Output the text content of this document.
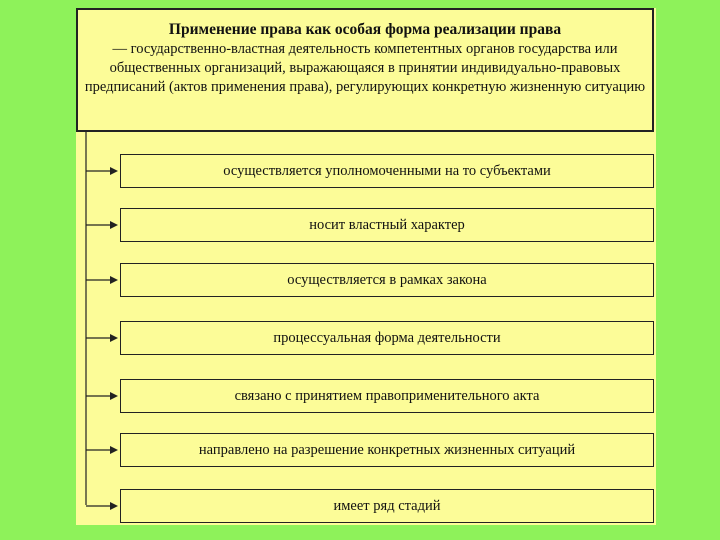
Применение права как особая форма реализации права
— государственно-властная деятельность компетентных органов государства или общественных организаций, выражающаяся в принятии индивидуально-правовых предписаний (актов применения права), регулирующих конкретную жизненную ситуацию
осуществляется уполномоченными на то субъектами
носит властный характер
осуществляется в рамках закона
процессуальная форма деятельности
связано с принятием правоприменительного акта
направлено на разрешение конкретных жизненных ситуаций
имеет ряд стадий
